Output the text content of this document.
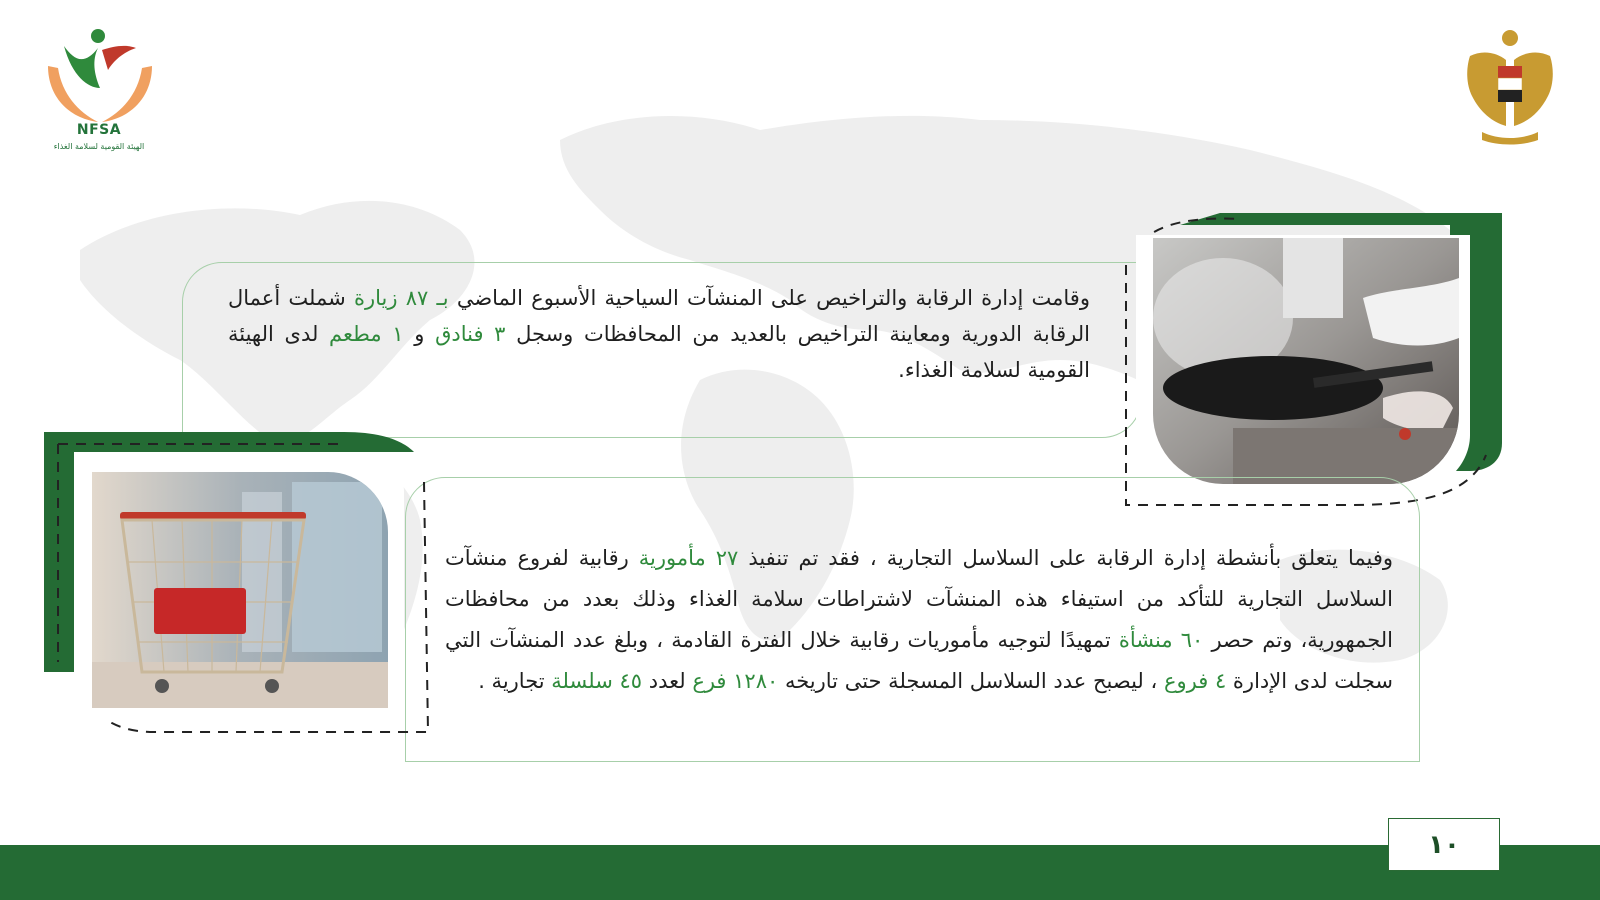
NFSA
الهيئة القومية لسلامة الغذاء
وقامت إدارة الرقابة والتراخيص على المنشآت السياحية الأسبوع الماضي بـ ٨٧ زيارة شملت أعمال الرقابة الدورية ومعاينة التراخيص بالعديد من المحافظات وسجل ٣ فنادق و ١ مطعم لدى الهيئة القومية لسلامة الغذاء.
وفيما يتعلق بأنشطة إدارة الرقابة على السلاسل التجارية ، فقد تم تنفيذ ٢٧ مأمورية رقابية لفروع منشآت السلاسل التجارية للتأكد من استيفاء هذه المنشآت لاشتراطات سلامة الغذاء وذلك بعدد من محافظات الجمهورية، وتم حصر ٦٠ منشأة تمهيدًا لتوجيه مأموريات رقابية خلال الفترة القادمة ، وبلغ عدد المنشآت التي سجلت لدى الإدارة ٤ فروع ، ليصبح عدد السلاسل المسجلة حتى تاريخه ١٢٨٠ فرع لعدد ٤٥ سلسلة تجارية .
١٠
